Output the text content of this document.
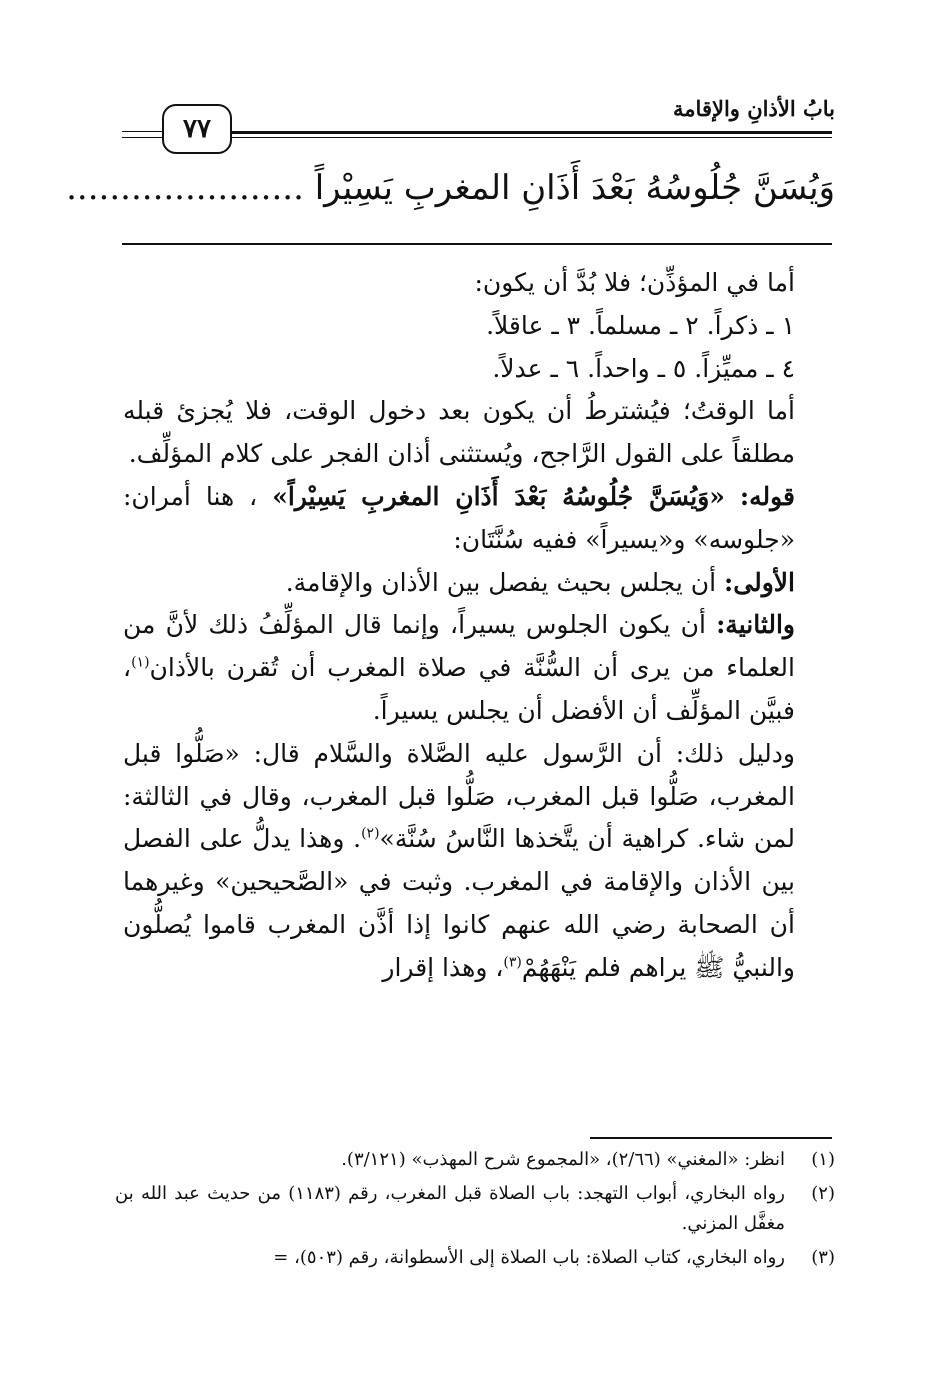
بابُ الأذانِ والإقامة
٧٧
وَيُسَنَّ جُلُوسُهُ بَعْدَ أَذَانِ المغربِ يَسِيْراً ......................

أما في المؤذِّن؛ فلا بُدَّ أن يكون:

١ ـ ذكراً. ٢ ـ مسلماً. ٣ ـ عاقلاً.

٤ ـ مميِّزاً. ٥ ـ واحداً. ٦ ـ عدلاً.

أما الوقتُ؛ فيُشترطُ أن يكون بعد دخول الوقت، فلا يُجزئ قبله مطلقاً على القول الرَّاجح، ويُستثنى أذان الفجر على كلام المؤلِّف.

قوله: «وَيُسَنَّ جُلُوسُهُ بَعْدَ أَذَانِ المغربِ يَسِيْراً» ، هنا أمران: «جلوسه» و«يسيراً» ففيه سُنَّتَان:

الأولى: أن يجلس بحيث يفصل بين الأذان والإقامة.

والثانية: أن يكون الجلوس يسيراً، وإنما قال المؤلِّفُ ذلك لأنَّ من العلماء من يرى أن السُّنَّة في صلاة المغرب أن تُقرن بالأذان$^{(١)}$، فبيَّن المؤلِّف أن الأفضل أن يجلس يسيراً.

ودليل ذلك: أن الرَّسول عليه الصَّلاة والسَّلام قال: «صَلُّوا قبل المغرب، صَلُّوا قبل المغرب، صَلُّوا قبل المغرب، وقال في الثالثة: لمن شاء. كراهية أن يتَّخذها النَّاسُ سُنَّة»$^{(٢)}$. وهذا يدلُّ على الفصل بين الأذان والإقامة في المغرب. وثبت في «الصَّحيحين» وغيرهما أن الصحابة رضي الله عنهم كانوا إذا أذَّن المغرب قاموا يُصلُّون والنبيُّ ﷺ يراهم فلم يَنْهَهُمْ$^{(٣)}$، وهذا إقرار

(١)
انظر: «المغني» (٢/٦٦)، «المجموع شرح المهذب» (٣/١٢١).
(٢)
رواه البخاري، أبواب التهجد: باب الصلاة قبل المغرب، رقم (١١٨٣) من حديث عبد الله بن مغفَّل المزني.
(٣)
رواه البخاري، كتاب الصلاة: باب الصلاة إلى الأسطوانة، رقم (٥٠٣)، =
